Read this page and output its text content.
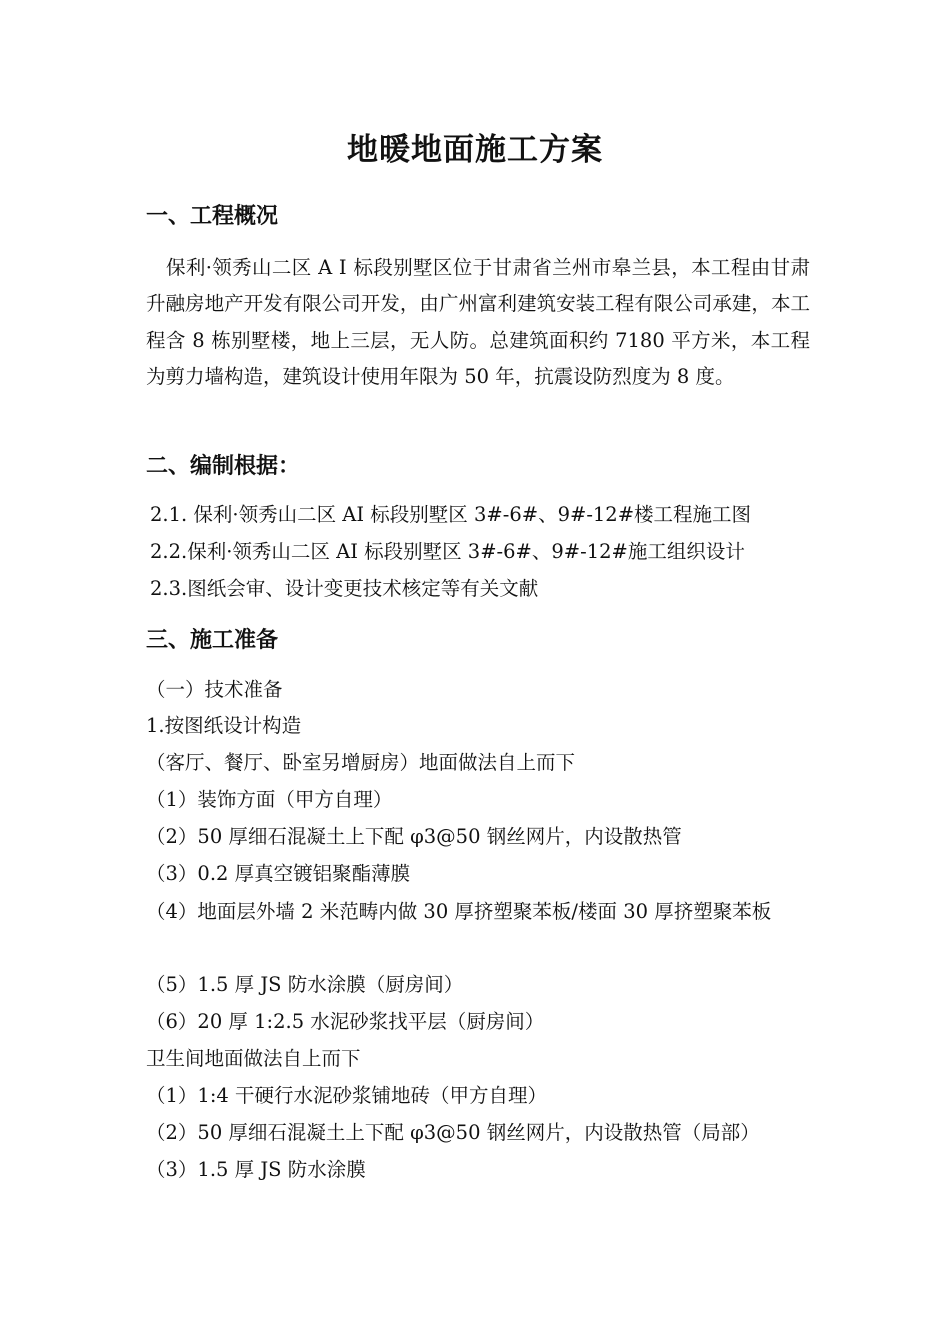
地暖地面施工方案
一、工程概况
保利·领秀山二区 A Ⅰ 标段别墅区位于甘肃省兰州市皋兰县，本工程由甘肃升融房地产开发有限公司开发，由广州富利建筑安装工程有限公司承建，本工程含 8 栋别墅楼，地上三层，无人防。总建筑面积约 7180 平方米，本工程为剪力墙构造，建筑设计使用年限为 50 年，抗震设防烈度为 8 度。
二、编制根据：
2.1. 保利·领秀山二区 AⅠ 标段别墅区 3#-6#、9#-12#楼工程施工图
2.2.保利·领秀山二区 AⅠ 标段别墅区 3#-6#、9#-12#施工组织设计
2.3.图纸会审、设计变更技术核定等有关文献
三、施工准备
（一）技术准备
1.按图纸设计构造
（客厅、餐厅、卧室另增厨房）地面做法自上而下
（1）装饰方面（甲方自理）
（2）50 厚细石混凝土上下配 φ3@50 钢丝网片，内设散热管
（3）0.2 厚真空镀铝聚酯薄膜
（4）地面层外墙 2 米范畴内做 30 厚挤塑聚苯板/楼面 30 厚挤塑聚苯板
（5）1.5 厚 JS 防水涂膜（厨房间）
（6）20 厚 1:2.5 水泥砂浆找平层（厨房间）
卫生间地面做法自上而下
（1）1:4 干硬行水泥砂浆铺地砖（甲方自理）
（2）50 厚细石混凝土上下配 φ3@50 钢丝网片，内设散热管（局部）
（3）1.5 厚 JS 防水涂膜
